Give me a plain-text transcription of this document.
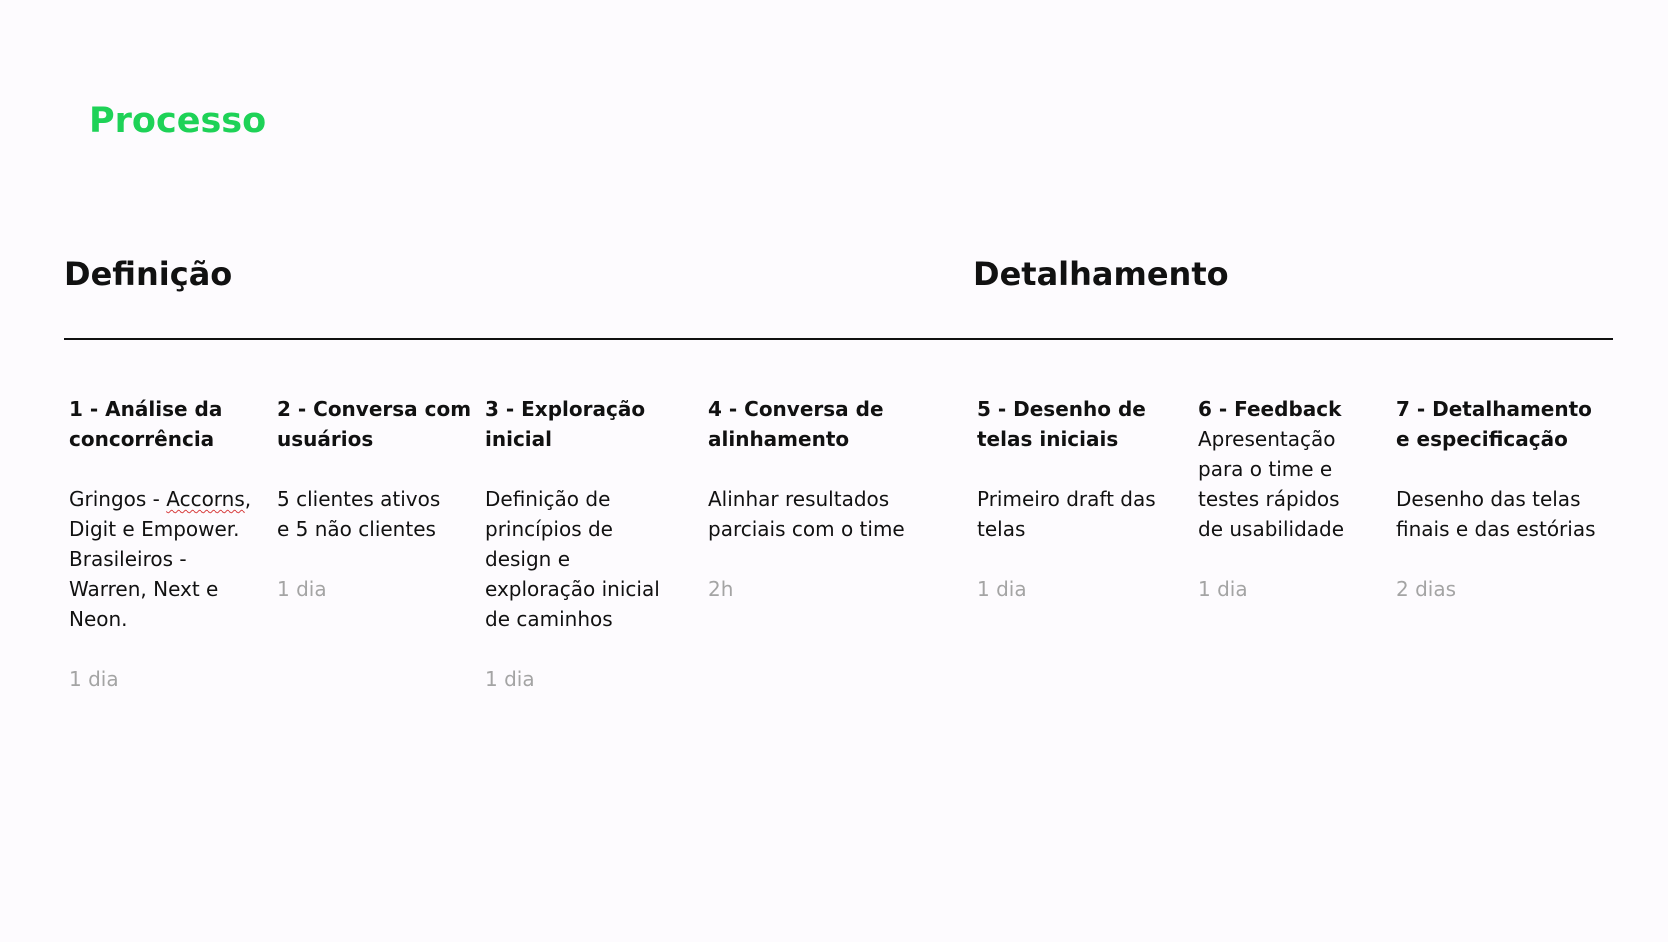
Processo
Definição	Detalhamento

1 - Análise da
concorrência

Gringos - Accorns,
Digit e Empower.
Brasileiros -
Warren, Next e
Neon.

1 dia

2 - Conversa com
usuários

5 clientes ativos
e 5 não clientes

1 dia

3 - Exploração
inicial

Definição de
princípios de
design e
exploração inicial
de caminhos

1 dia

4 - Conversa de
alinhamento

Alinhar resultados
parciais com o time

2h

5 - Desenho de
telas iniciais

Primeiro draft das
telas

1 dia

6 - Feedback

Apresentação
para o time e
testes rápidos
de usabilidade

1 dia

7 - Detalhamento
e especificação

Desenho das telas
finais e das estórias

2 dias
